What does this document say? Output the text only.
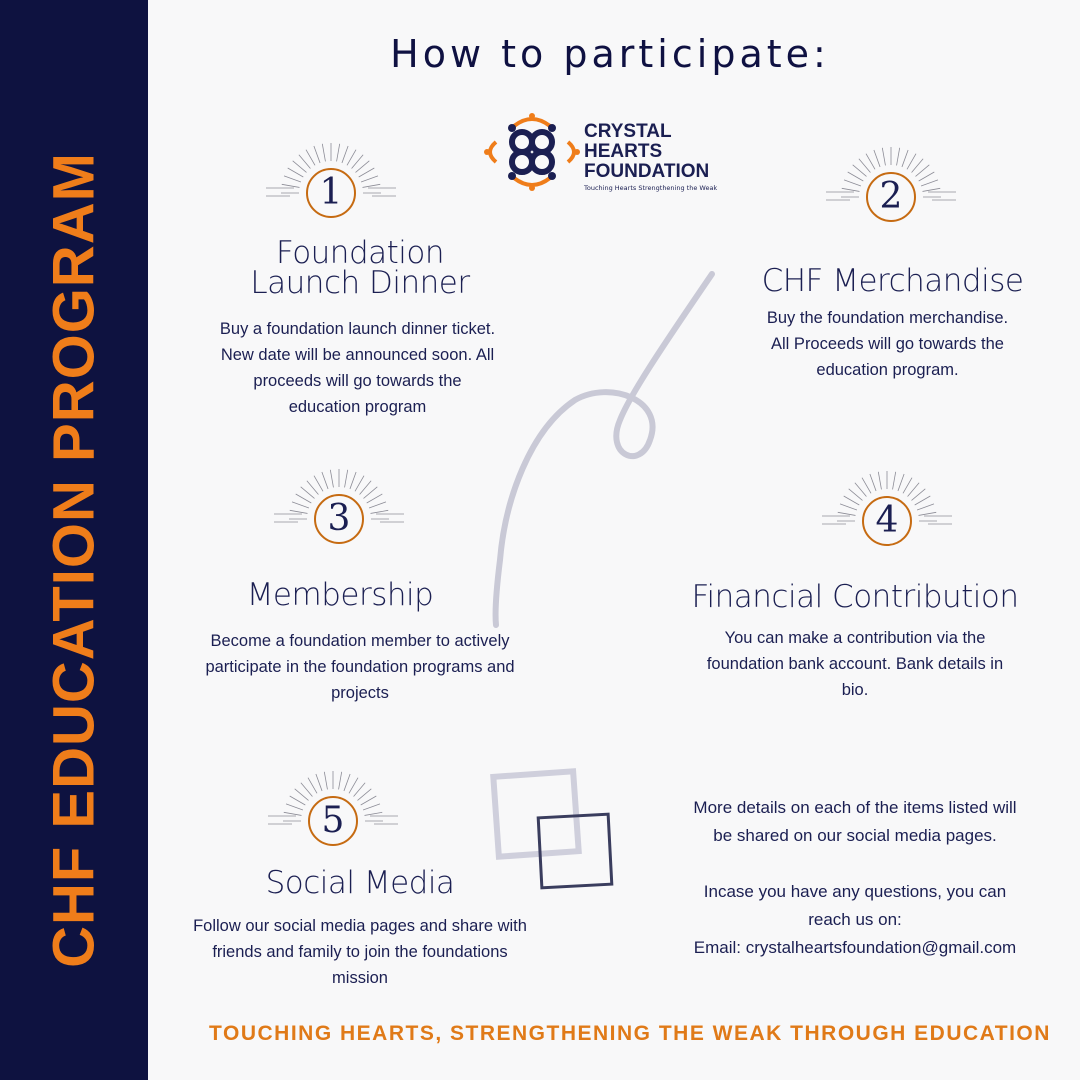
CHF EDUCATION PROGRAM
How to participate:
CRYSTAL
HEARTS
FOUNDATION
Touching Hearts Strengthening the Weak
1	2
3	4
5
Foundation
Launch Dinner
Buy a foundation launch dinner ticket.
New date will be announced soon. All
proceeds will go towards the
education program
CHF Merchandise
Buy the foundation merchandise.
All Proceeds will go towards the
education program.
Membership
Become a foundation member to actively
participate in the foundation programs and
projects
Financial Contribution
You can make a contribution via the
foundation bank account. Bank details in
bio.
Social Media
Follow our social media pages and share with
friends and family to join the foundations
mission

More details on each of the items listed will

be shared on our social media pages.

Incase you have any questions, you can

reach us on:

Email: crystalheartsfoundation@gmail.com

TOUCHING HEARTS, STRENGTHENING THE WEAK THROUGH EDUCATION
